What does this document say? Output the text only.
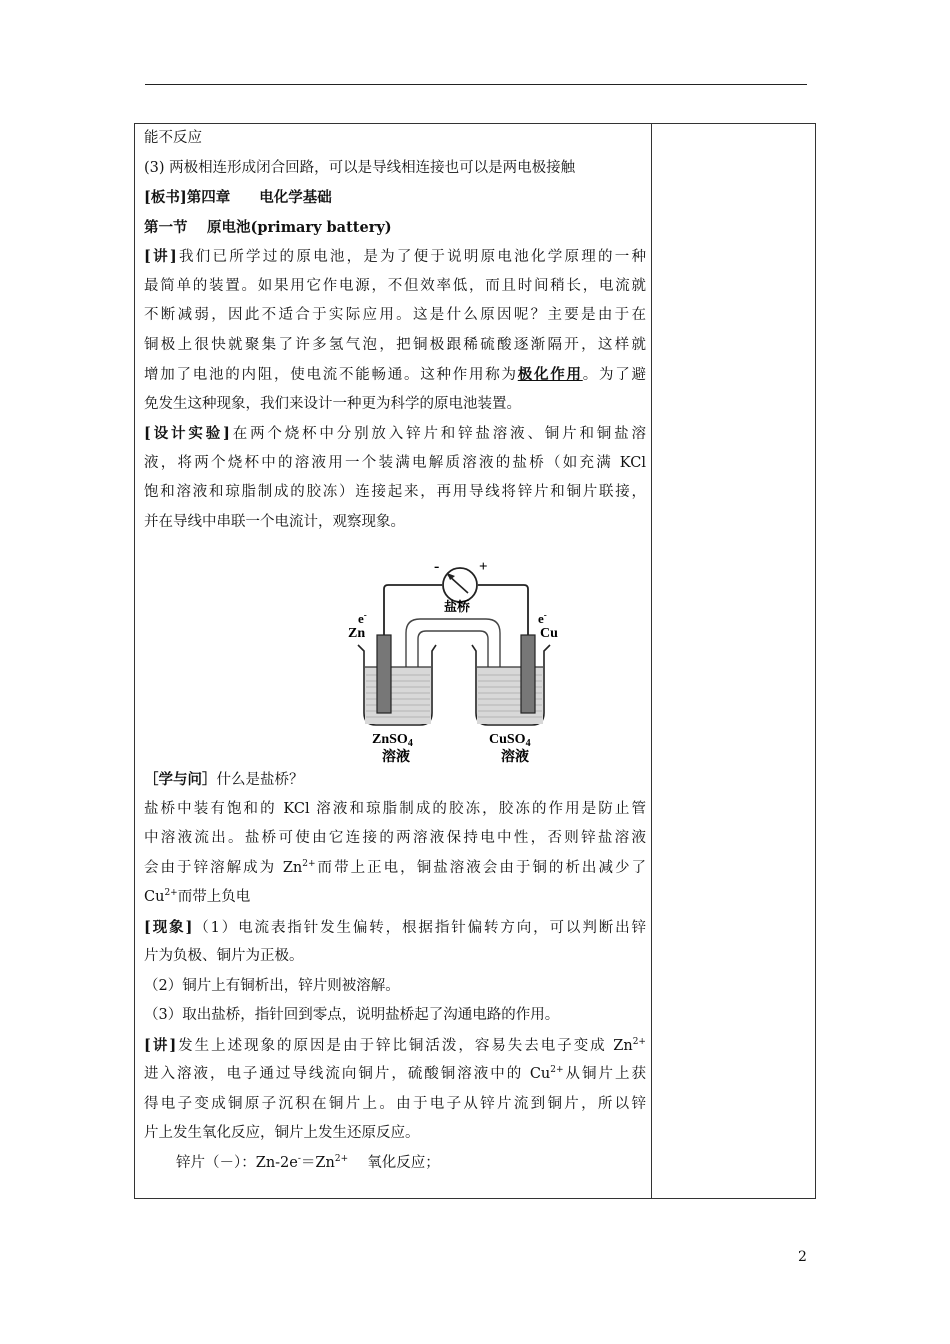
能不反应
(3) 两极相连形成闭合回路，可以是导线相连接也可以是两电极接触
[板书]第四章　　电化学基础
第一节　 原电池(primary battery)
[讲]我们已所学过的原电池，是为了便于说明原电池化学原理的一种
最简单的装置。如果用它作电源，不但效率低，而且时间稍长，电流就
不断减弱，因此不适合于实际应用。这是什么原因呢？主要是由于在
铜极上很快就聚集了许多氢气泡，把铜极跟稀硫酸逐渐隔开，这样就
增加了电池的内阻，使电流不能畅通。这种作用称为极化作用。为了避
免发生这种现象，我们来设计一种更为科学的原电池装置。
[设计实验]在两个烧杯中分别放入锌片和锌盐溶液、铜片和铜盐溶
液，将两个烧杯中的溶液用一个装满电解质溶液的盐桥（如充满 KCl
饱和溶液和琼脂制成的胶冻）连接起来，再用导线将锌片和铜片联接，
并在导线中串联一个电流计，观察现象。
-	+
e-	e-
盐桥
Zn	Cu
ZnSO$_4$
溶液
CuSO$_4$
溶液
［学与问］什么是盐桥？
盐桥中装有饱和的 KCl 溶液和琼脂制成的胶冻，胶冻的作用是防止管
中溶液流出。盐桥可使由它连接的两溶液保持电中性，否则锌盐溶液
会由于锌溶解成为 $Zn^{2+}$而带上正电，铜盐溶液会由于铜的析出减少了
$Cu^{2+}$而带上负电
[现象]（1）电流表指针发生偏转，根据指针偏转方向，可以判断出锌
片为负极、铜片为正极。
（2）铜片上有铜析出，锌片则被溶解。
（3）取出盐桥，指针回到零点，说明盐桥起了沟通电路的作用。
[讲]发生上述现象的原因是由于锌比铜活泼，容易失去电子变成 $Zn^{2+}$
进入溶液，电子通过导线流向铜片，硫酸铜溶液中的 $Cu^{2+}$从铜片上获
得电子变成铜原子沉积在铜片上。由于电子从锌片流到铜片，所以锌
片上发生氧化反应，铜片上发生还原反应。
锌片（－）：$Zn-2e^-=Zn^{2+}$　 氧化反应；
2
